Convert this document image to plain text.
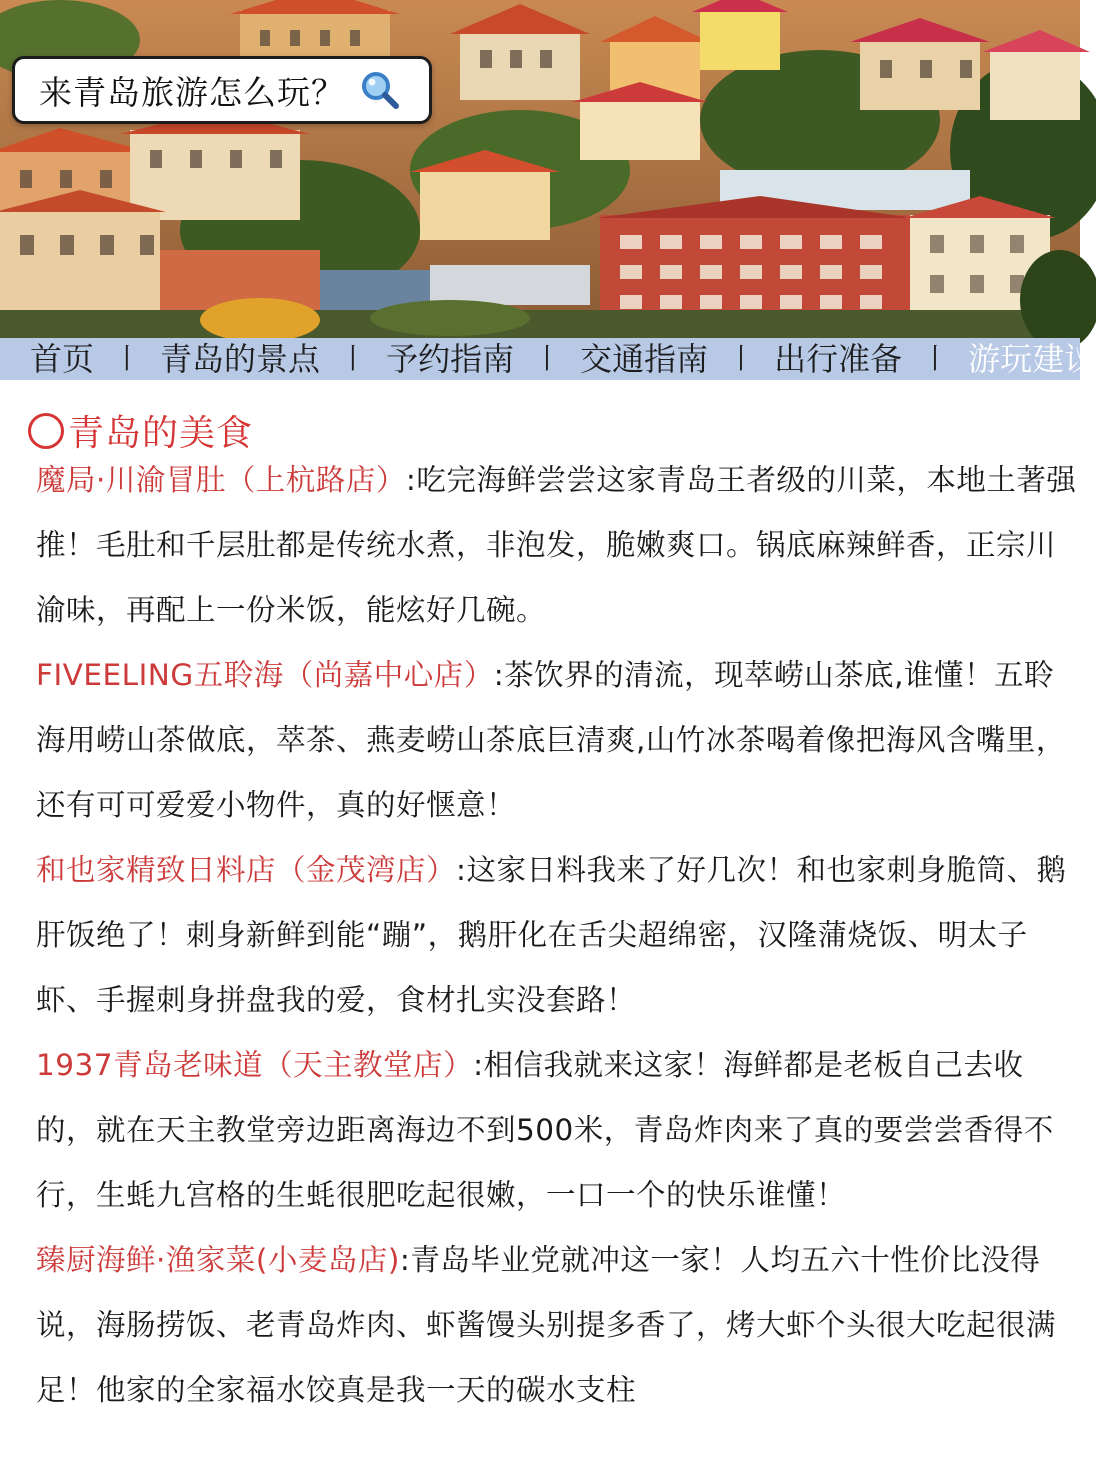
来青岛旅游怎么玩？
首页 丨 青岛的景点 丨 予约指南 丨 交通指南 丨 出行准备 丨 游玩建议
青岛的美食

魔局·川渝冒肚（上杭路店）:吃完海鲜尝尝这家青岛王者级的川菜，本地土著强推！毛肚和千层肚都是传统水煮，非泡发，脆嫩爽口。锅底麻辣鲜香，正宗川渝味，再配上一份米饭，能炫好几碗。

FIVEELING五聆海（尚嘉中心店）:茶饮界的清流，现萃崂山茶底,谁懂！五聆海用崂山茶做底，萃茶、燕麦崂山茶底巨清爽,山竹冰茶喝着像把海风含嘴里，还有可可爱爱小物件，真的好惬意！

和也家精致日料店（金茂湾店）:这家日料我来了好几次！和也家刺身脆筒、鹅肝饭绝了！刺身新鲜到能“蹦”，鹅肝化在舌尖超绵密，汉隆蒲烧饭、明太子虾、手握刺身拼盘我的爱，食材扎实没套路！

1937青岛老味道（天主教堂店）:相信我就来这家！海鲜都是老板自己去收的，就在天主教堂旁边距离海边不到500米，青岛炸肉来了真的要尝尝香得不行，生蚝九宫格的生蚝很肥吃起很嫩，一口一个的快乐谁懂！

臻厨海鲜·渔家菜(小麦岛店):青岛毕业党就冲这一家！人均五六十性价比没得说，海肠捞饭、老青岛炸肉、虾酱馒头别提多香了，烤大虾个头很大吃起很满足！他家的全家福水饺真是我一天的碳水支柱
